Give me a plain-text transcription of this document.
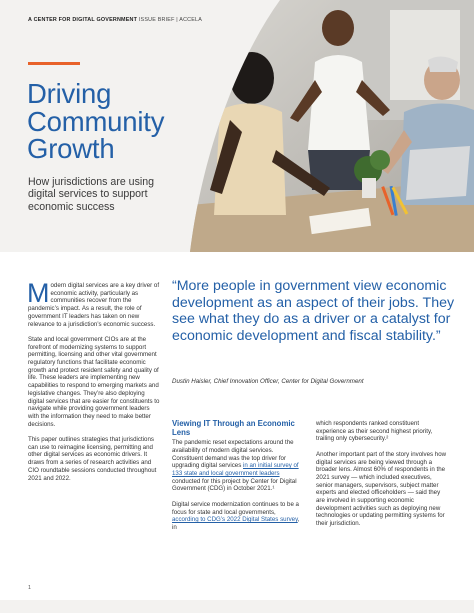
A CENTER FOR DIGITAL GOVERNMENT ISSUE BRIEF | ACCELA
Driving
Community
Growth

How jurisdictions are using digital services to support economic success

Modern digital services are a key driver of economic activity, particularly as communities recover from the pandemic’s impact. As a result, the role of government IT leaders has taken on new relevance to a jurisdiction’s economic success.

State and local government CIOs are at the forefront of modernizing systems to support permitting, licensing and other vital government regulatory functions that facilitate economic growth and protect resident safety and quality of life. These leaders are implementing new capabilities to respond to emerging markets and legislative changes. They’re also deploying digital services that are easier for constituents to navigate while providing government leaders with the information they need to make better decisions.

This paper outlines strategies that jurisdictions can use to reimagine licensing, permitting and other digital services as economic drivers. It draws from a series of research activities and CIO roundtable sessions conducted throughout 2021 and 2022.

“More people in government view economic development as an aspect of their jobs. They see what they do as a driver or a catalyst for economic development and fiscal stability.”
Dustin Haisler, Chief Innovation Officer, Center for Digital Government
Viewing IT Through an Economic Lens

The pandemic reset expectations around the availability of modern digital services. Constituent demand was the top driver for upgrading digital services in an initial survey of 133 state and local government leaders conducted for this project by Center for Digital Government (CDG) in October 2021.¹

Digital service modernization continues to be a focus for state and local governments, according to CDG’s 2022 Digital States survey, in

which respondents ranked constituent experience as their second highest priority, trailing only cybersecurity.²

Another important part of the story involves how digital services are being viewed through a broader lens. Almost 60% of respondents in the 2021 survey — which included executives, senior managers, supervisors, subject matter experts and elected officeholders — said they are involved in supporting economic development activities such as deploying new technologies or updating permitting systems for their jurisdiction.

1
